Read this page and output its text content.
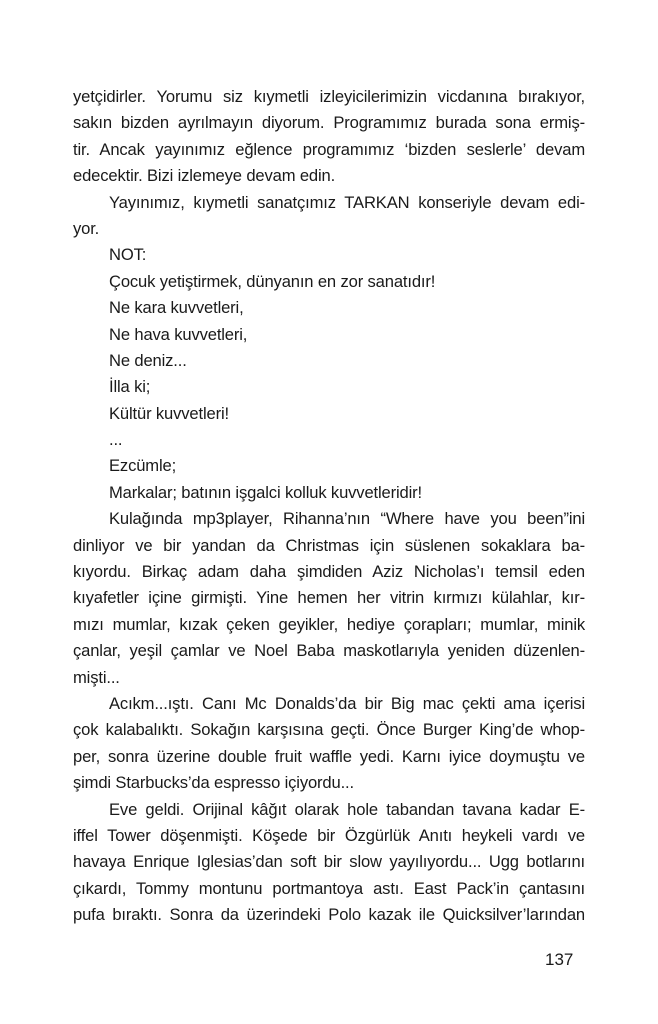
yetçidirler. Yorumu siz kıymetli izleyicilerimizin vicdanına bırakıyor,
sakın bizden ayrılmayın diyorum. Programımız burada sona ermiş-
tir. Ancak yayınımız eğlence programımız ‘bizden seslerle’ devam
edecektir. Bizi izlemeye devam edin.
Yayınımız, kıymetli sanatçımız TARKAN konseriyle devam edi-
yor.
NOT:
Çocuk yetiştirmek, dünyanın en zor sanatıdır!
Ne kara kuvvetleri,
Ne hava kuvvetleri,
Ne deniz...
İlla ki;
Kültür kuvvetleri!
...
Ezcümle;
Markalar; batının işgalci kolluk kuvvetleridir!
Kulağında mp3player, Rihanna’nın “Where have you been”ini
dinliyor ve bir yandan da Christmas için süslenen sokaklara ba-
kıyordu. Birkaç adam daha şimdiden Aziz Nicholas’ı temsil eden
kıyafetler içine girmişti. Yine hemen her vitrin kırmızı külahlar, kır-
mızı mumlar, kızak çeken geyikler, hediye çorapları; mumlar, minik
çanlar, yeşil çamlar ve Noel Baba maskotlarıyla yeniden düzenlen-
mişti...
Acıkm...ıştı. Canı Mc Donalds’da bir Big mac çekti ama içerisi
çok kalabalıktı. Sokağın karşısına geçti. Önce Burger King’de whop-
per, sonra üzerine double fruit waffle yedi. Karnı iyice doymuştu ve
şimdi Starbucks’da espresso içiyordu...
Eve geldi. Orijinal kâğıt olarak hole tabandan tavana kadar E-
iffel Tower döşenmişti. Köşede bir Özgürlük Anıtı heykeli vardı ve
havaya Enrique Iglesias’dan soft bir slow yayılıyordu... Ugg botlarını
çıkardı, Tommy montunu portmantoya astı. East Pack’in çantasını
pufa bıraktı. Sonra da üzerindeki Polo kazak ile Quicksilver’larından
137
